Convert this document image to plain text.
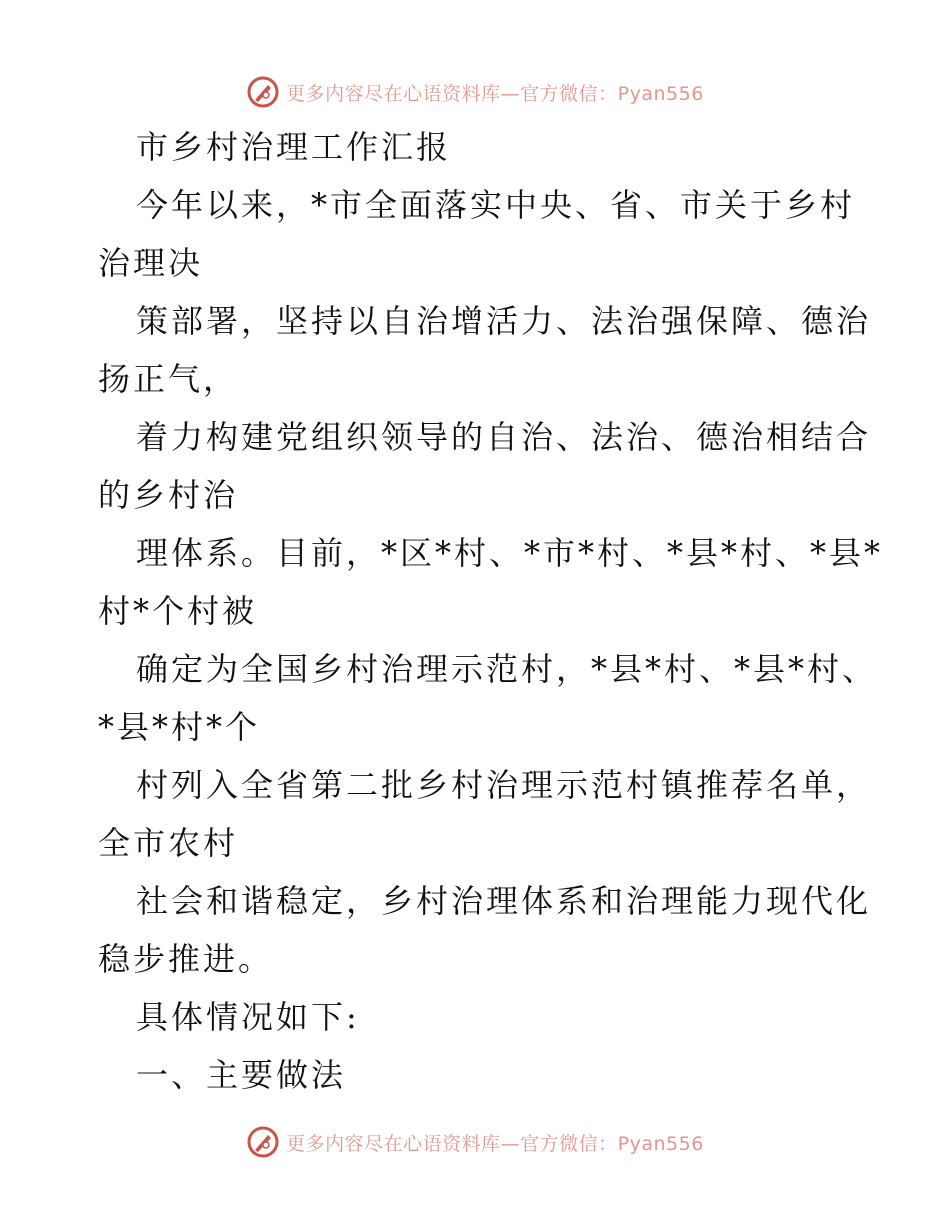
更多内容尽在心语资料库—官方微信：Pyan556
市乡村治理工作汇报
今年以来，*市全面落实中央、省、市关于乡村
治理决
策部署，坚持以自治增活力、法治强保障、德治
扬正气，
着力构建党组织领导的自治、法治、德治相结合
的乡村治
理体系。目前，*区*村、*市*村、*县*村、*县*
村*个村被
确定为全国乡村治理示范村，*县*村、*县*村、
*县*村*个
村列入全省第二批乡村治理示范村镇推荐名单，
全市农村
社会和谐稳定，乡村治理体系和治理能力现代化
稳步推进。
具体情况如下:
一、主要做法
更多内容尽在心语资料库—官方微信：Pyan556
